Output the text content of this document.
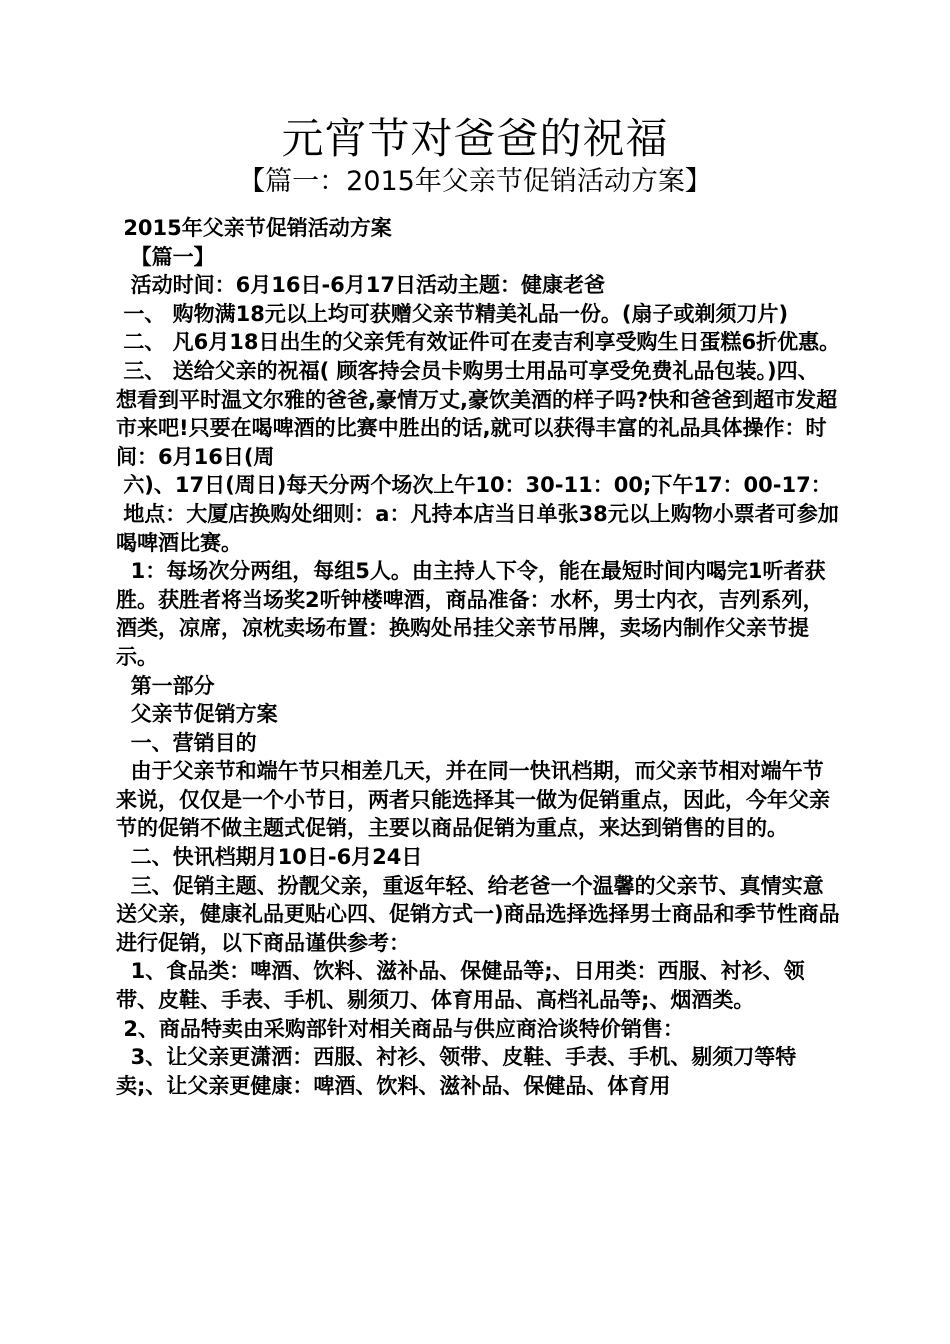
元宵节对爸爸的祝福
【篇一：2015年父亲节促销活动方案】

2015年父亲节促销活动方案

【篇一】

活动时间：6月16日-6月17日活动主题：健康老爸

一、 购物满18元以上均可获赠父亲节精美礼品一份。(扇子或剃须刀片)

二、 凡6月18日出生的父亲凭有效证件可在麦吉利享受购生日蛋糕6折优惠。

三、 送给父亲的祝福( 顾客持会员卡购男士用品可享受免费礼品包装。)四、 想看到平时温文尔雅的爸爸,豪情万丈,豪饮美酒的样子吗?快和爸爸到超市发超市来吧!只要在喝啤酒的比赛中胜出的话,就可以获得丰富的礼品具体操作：时间：6月16日(周

六)、17日(周日)每天分两个场次上午10：30-11：00;下午17：00-17：

地点：大厦店换购处细则：a：凡持本店当日单张38元以上购物小票者可参加喝啤酒比赛。

1：每场次分两组，每组5人。由主持人下令，能在最短时间内喝完1听者获胜。获胜者将当场奖2听钟楼啤酒，商品准备：水杯，男士内衣，吉列系列，酒类，凉席，凉枕卖场布置：换购处吊挂父亲节吊牌，卖场内制作父亲节提示。

第一部分

父亲节促销方案

一、营销目的

由于父亲节和端午节只相差几天，并在同一快讯档期，而父亲节相对端午节来说，仅仅是一个小节日，两者只能选择其一做为促销重点，因此，今年父亲节的促销不做主题式促销，主要以商品促销为重点，来达到销售的目的。

二、快讯档期月10日-6月24日

三、促销主题、扮靓父亲，重返年轻、给老爸一个温馨的父亲节、真情实意送父亲，健康礼品更贴心四、促销方式一)商品选择选择男士商品和季节性商品进行促销，以下商品谨供参考：

1、食品类：啤酒、饮料、滋补品、保健品等;、日用类：西服、衬衫、领带、皮鞋、手表、手机、剔须刀、体育用品、高档礼品等;、烟酒类。

2、商品特卖由采购部针对相关商品与供应商洽谈特价销售：

3、让父亲更潇洒：西服、衬衫、领带、皮鞋、手表、手机、剔须刀等特卖;、让父亲更健康：啤酒、饮料、滋补品、保健品、体育用
